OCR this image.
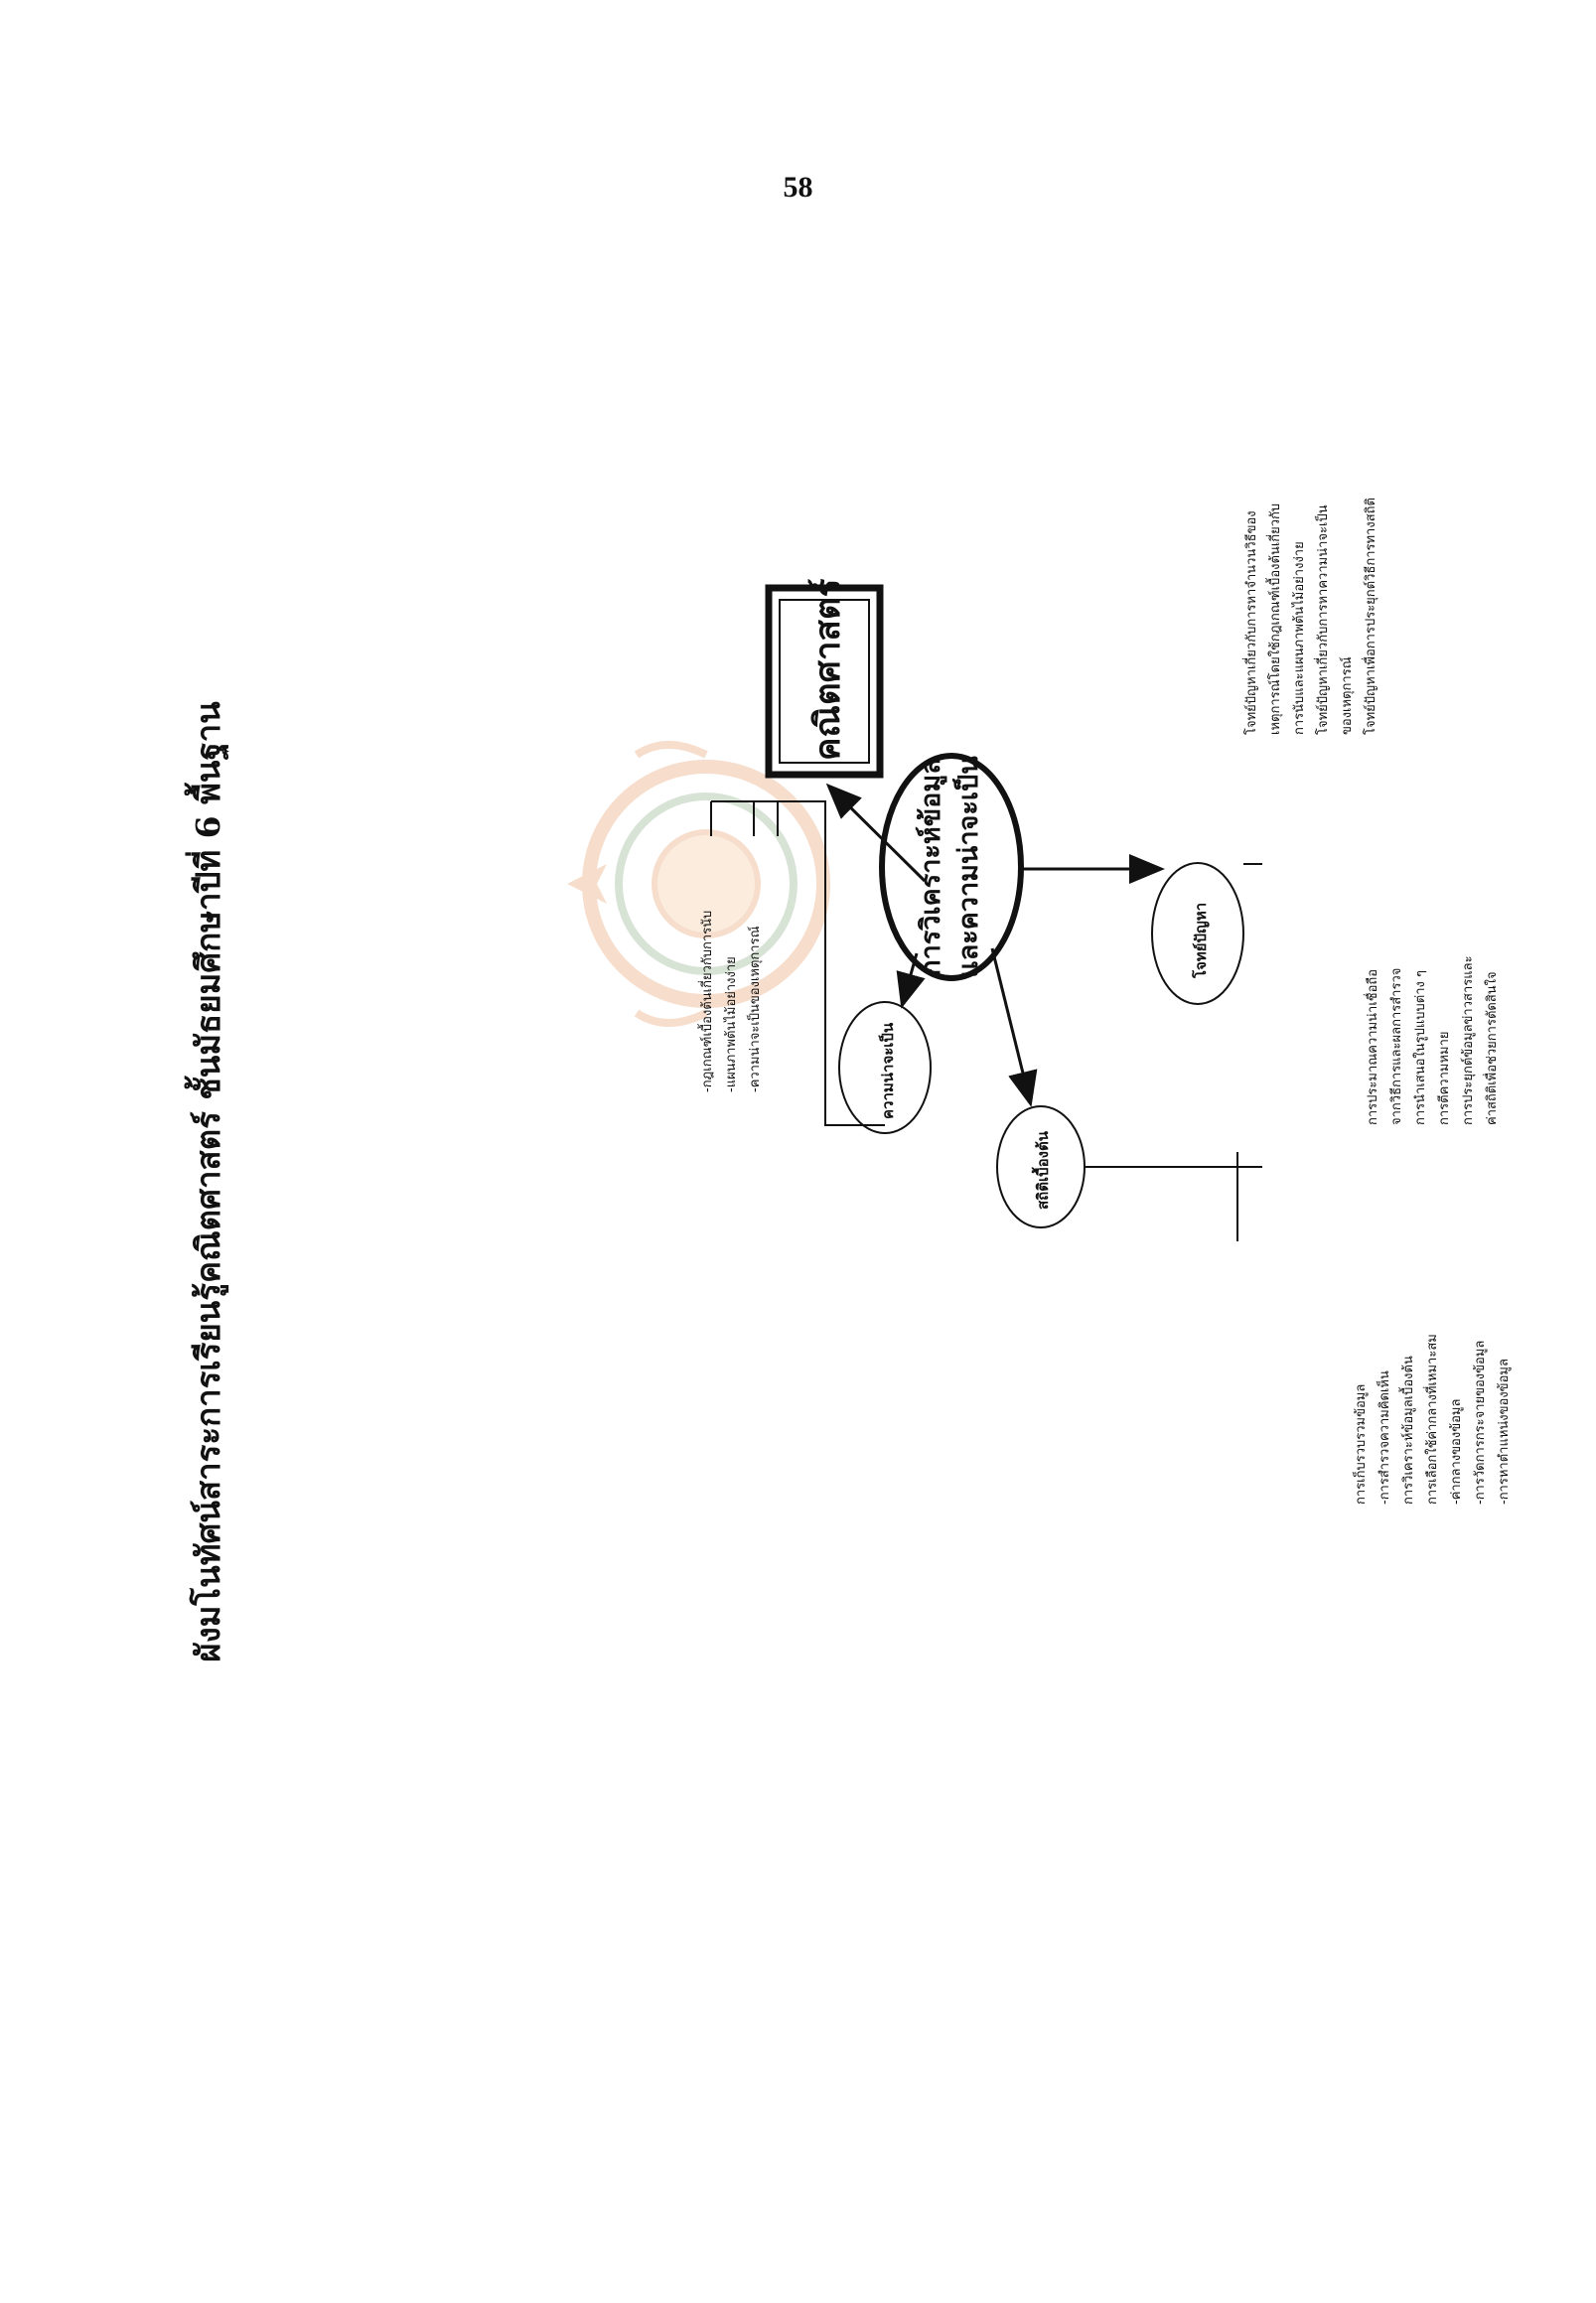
58
ผังมโนทัศน์สาระการเรียนรู้คณิตศาสตร์ ชั้นมัธยมศึกษาปีที่ 6 พื้นฐาน
คณิตศาสตร์
การวิเคราะห์ข้อมูล และความน่าจะเป็น
ความน่าจะเป็น
สถิติเบื้องต้น
โจทย์ปัญหา
-กฎเกณฑ์เบื้องต้นเกี่ยวกับการนับ -แผนภาพต้นไม้อย่างง่าย -ความน่าจะเป็นของเหตุการณ์
การเก็บรวบรวมข้อมูล -การสำรวจความคิดเห็น การวิเคราะห์ข้อมูลเบื้องต้น การเลือกใช้ค่ากลางที่เหมาะสม -ค่ากลางของข้อมูล -การวัดการกระจายของข้อมูล -การหาตำแหน่งของข้อมูล
การประมาณความน่าเชื่อถือ จากวิธีการและผลการสำรวจ การนำเสนอในรูปแบบต่าง ๆ การตีความหมาย การประยุกต์ข้อมูลข่าวสารและ ค่าสถิติเพื่อช่วยการตัดสินใจ
โจทย์ปัญหาเกี่ยวกับการหาจำนวนวิธีของ เหตุการณ์โดยใช้กฎเกณฑ์เบื้องต้นเกี่ยวกับ การนับและแผนภาพต้นไม้อย่างง่าย โจทย์ปัญหาเกี่ยวกับการหาความน่าจะเป็น ของเหตุการณ์ โจทย์ปัญหาเพื่อการประยุกต์วิธีการทางสถิติ
